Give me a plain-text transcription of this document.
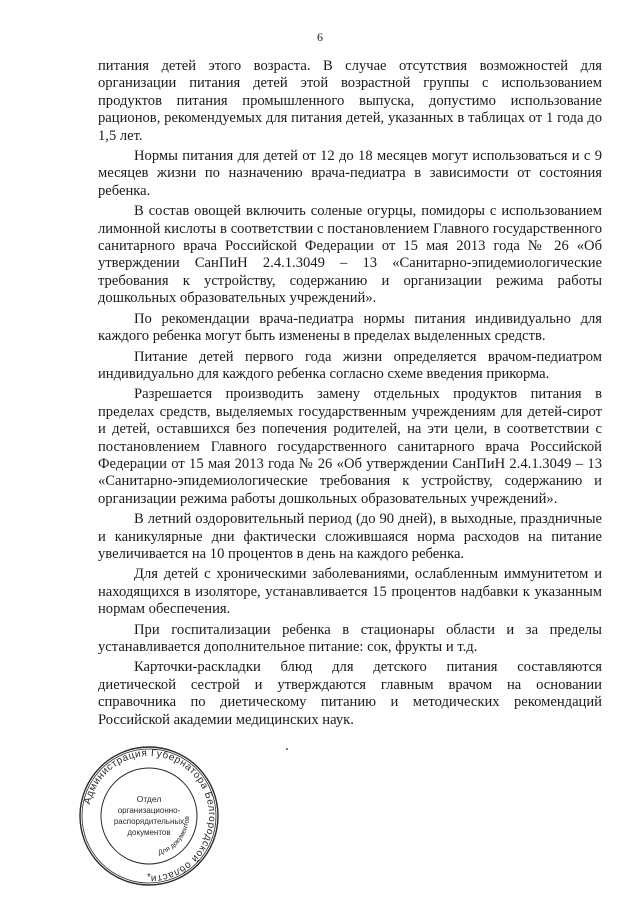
6

питания детей этого возраста. В случае отсутствия возможностей для организации питания детей этой возрастной группы с использованием продуктов питания промышленного выпуска, допустимо использование рационов, рекомендуемых для питания детей, указанных в таблицах от 1 года до 1,5 лет.

Нормы питания для детей от 12 до 18 месяцев могут использоваться и с 9 месяцев жизни по назначению врача-педиатра в зависимости от состояния ребенка.

В состав овощей включить соленые огурцы, помидоры с использованием лимонной кислоты в соответствии с постановлением Главного государственного санитарного врача Российской Федерации от 15 мая 2013 года № 26 «Об утверждении СанПиН 2.4.1.3049 – 13 «Санитарно-эпидемиологические требования к устройству, содержанию и организации режима работы дошкольных образовательных учреждений».

По рекомендации врача-педиатра нормы питания индивидуально для каждого ребенка могут быть изменены в пределах выделенных средств.

Питание детей первого года жизни определяется врачом-педиатром индивидуально для каждого ребенка согласно схеме введения прикорма.

Разрешается производить замену отдельных продуктов питания в пределах средств, выделяемых государственным учреждениям для детей-сирот и детей, оставшихся без попечения родителей, на эти цели, в соответствии с постановлением Главного государственного санитарного врача Российской Федерации от 15 мая 2013 года № 26 «Об утверждении СанПиН 2.4.1.3049 – 13 «Санитарно-эпидемиологические требования к устройству, содержанию и организации режима работы дошкольных образовательных учреждений».

В летний оздоровительный период (до 90 дней), в выходные, праздничные и каникулярные дни фактически сложившаяся норма расходов на питание увеличивается на 10 процентов в день на каждого ребенка.

Для детей с хроническими заболеваниями, ослабленным иммунитетом и находящихся в изоляторе, устанавливается 15 процентов надбавки к указанным нормам обеспечения.

При госпитализации ребенка в стационары области и за пределы устанавливается дополнительное питание: сок, фрукты и т.д.

Карточки-раскладки блюд для детского питания составляются диетической сестрой и утверждаются главным врачом на основании справочника по диетическому питанию и методических рекомендаций Российской академии медицинских наук.

Администрация Губернатора Белгородской области
Для документов
Отдел
организационно-
распорядительных
документов
*
